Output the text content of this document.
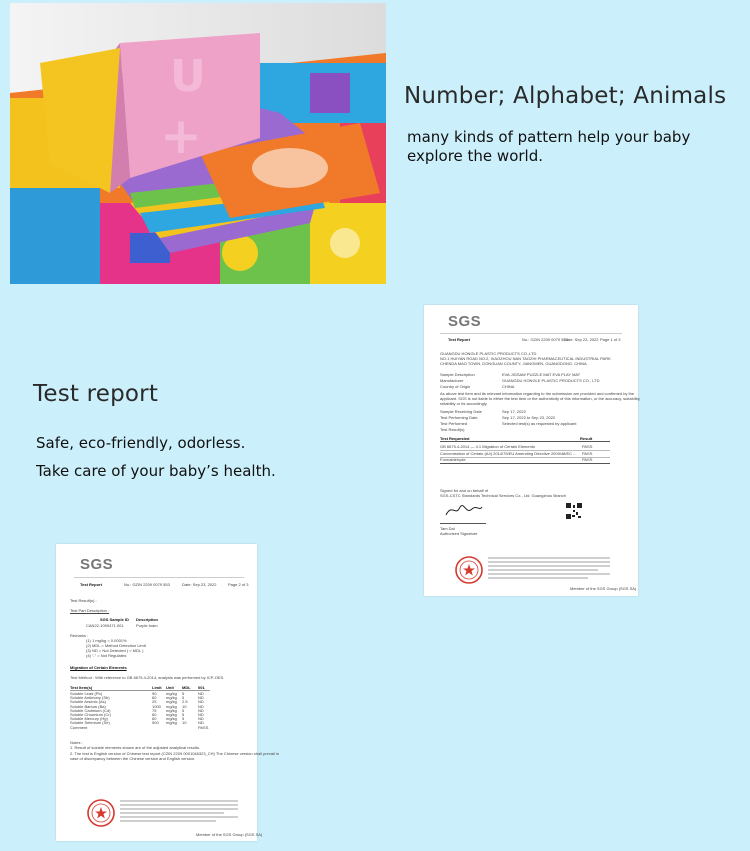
U
+
Number; Alphabet; Animals
many kinds of pattern help your baby
explore the world.
Test report
Safe, eco-friendly, odorless.
Take care of your baby’s health.
SGS
Test Report	No.: GZIN 2209 0079 553
Date: Sep 23, 2022 Page 1 of 3
GUANGDU HONGLE PLASTIC PRODUCTS CO.,LTD
NO.1 HUIYAN ROAD NO.2, XIAOZHOU NAN TAOZHI PHARMACEUTICAL INDUSTRIAL PARK
CHENDA MAO TOWN, DONGUAN COUNTY, JIANGMEN, GUANGDONG, CHINA
Sample Description	EVA JIGSAW PUZZLE MAT EVA PLAY MAT
Manufacturer	GUANGDU HONGLE PLASTIC PRODUCTS CO., LTD
Country of Origin	CHINA
As above test item and its relevant information regarding to the submission are provided and confirmed by the
applicant. SGS is not liable to either the test item or the authenticity of this information, or the accuracy, suitability,
reliability or its accordingly.
Sample Receiving Date	Sep 17, 2022
Test Performing Date	Sep 17, 2022 to Sep 23, 2022
Test Performed	Selected test(s) as requested by applicant
Test Result(s)
Test Requested	Result
GB 6675.4-2014 — 4.1 Migration of Certain Elements	PASS
Concentration of Certain (A4) 2014/75/EU Amending Directive 2009/48/EC ... PASS
Formaldehyde	PASS
Signed for and on behalf of
SGS-CSTC Standards Technical Services Co., Ltd. Guangzhou Branch
Tam Dai
Authorized Signature
Member of the SGS Group (SGS SA)
SGS
Test Report	No.: GZIN 2209 0079 553	Date: Sep 23, 2022	Page 2 of 3
Test Result(s) :
Test Part Description :
SGS Sample ID Description
CAN22-1090471.001	Purple foam
Remarks :
(1) 1 mg/kg = 0.0001%
(2) MDL = Method Detection Limit
(3) ND = Not Detected ( < MDL )
(4) "-" = Not Regulated
Migration of Certain Elements
Test Method : With reference to GB 6675.4-2014, analysis was performed by ICP-OES.
Notes :
1. Result of soluble elements shown are of the adjusted analytical results.
2. The test is English version of Chinese test report (CZIN 2209 0001046323_CH) The Chinese version shall prevail in
case of discrepancy between the Chinese version and English version.
Member of the SGS Group (SGS SA)
Test Item(s)	Limit Unit MDL 001
Soluble Lead (Pb)	90 mg/kg 5	ND
Soluble Antimony (Sb)	60 mg/kg 5	ND
Soluble Arsenic (As)	25 mg/kg 2.5	ND
Soluble Barium (Ba)	1000 mg/kg 10	ND
Soluble Cadmium (Cd)	75 mg/kg 5	ND
Soluble Chromium (Cr)	60 mg/kg 5	ND
Soluble Mercury (Hg)	60 mg/kg 5	ND
Soluble Selenium (Se)	500 mg/kg 10	ND
Comment	PASS
